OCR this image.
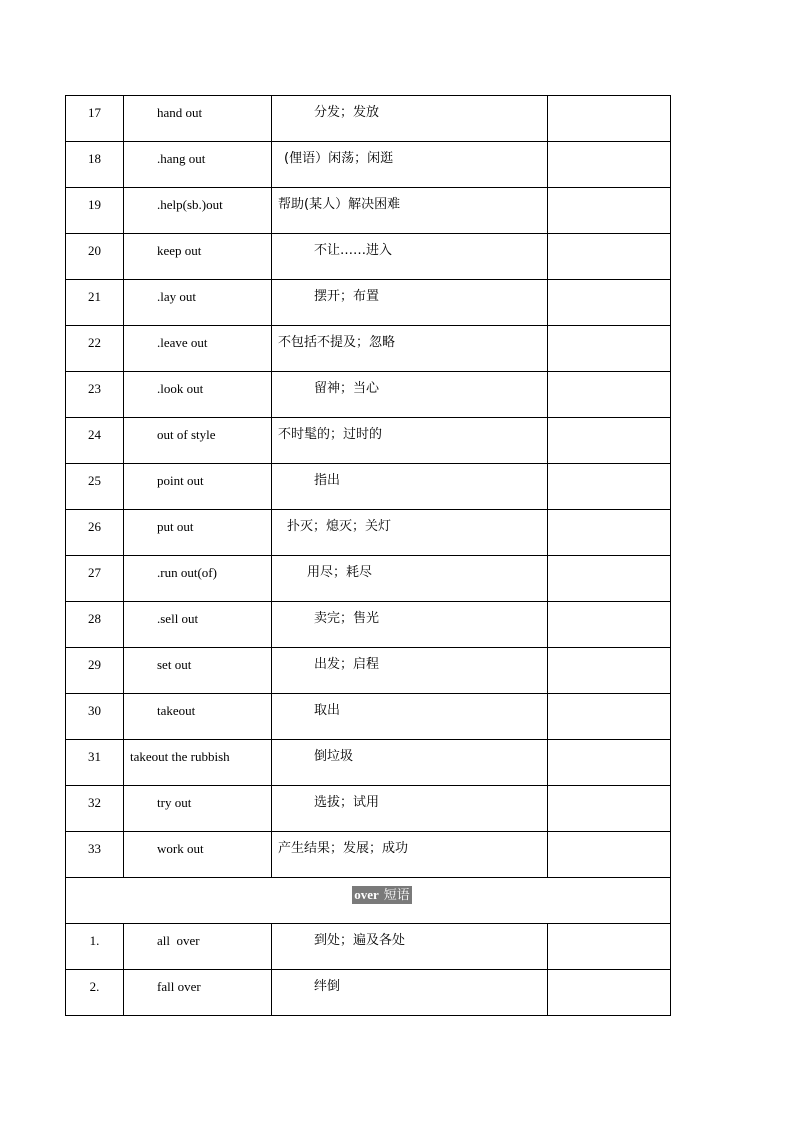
17	hand out	分发；发放	

18	.hang out	(俚语）闲荡；闲逛	

19	.help(sb.)out	帮助(某人）解决困难	

20	keep out	不让……进入	

21	.lay out	摆开；布置	

22	.leave out	不包括不提及；忽略	

23	.look out	留神；当心	

24	out of style	不时髦的；过时的	

25	point out	指出	

26	put out	扑灭；熄灭；关灯	

27	.run out(of)	用尽；耗尽	

28	.sell out	卖完；售光	

29	set out	出发；启程	

30	takeout	取出	

31	takeout the rubbish	倒垃圾	

32	try out	选拔；试用	

33	work out	产生结果；发展；成功	

over 短语			

1.	all  over	到处；遍及各处	

2.	fall over	绊倒	
